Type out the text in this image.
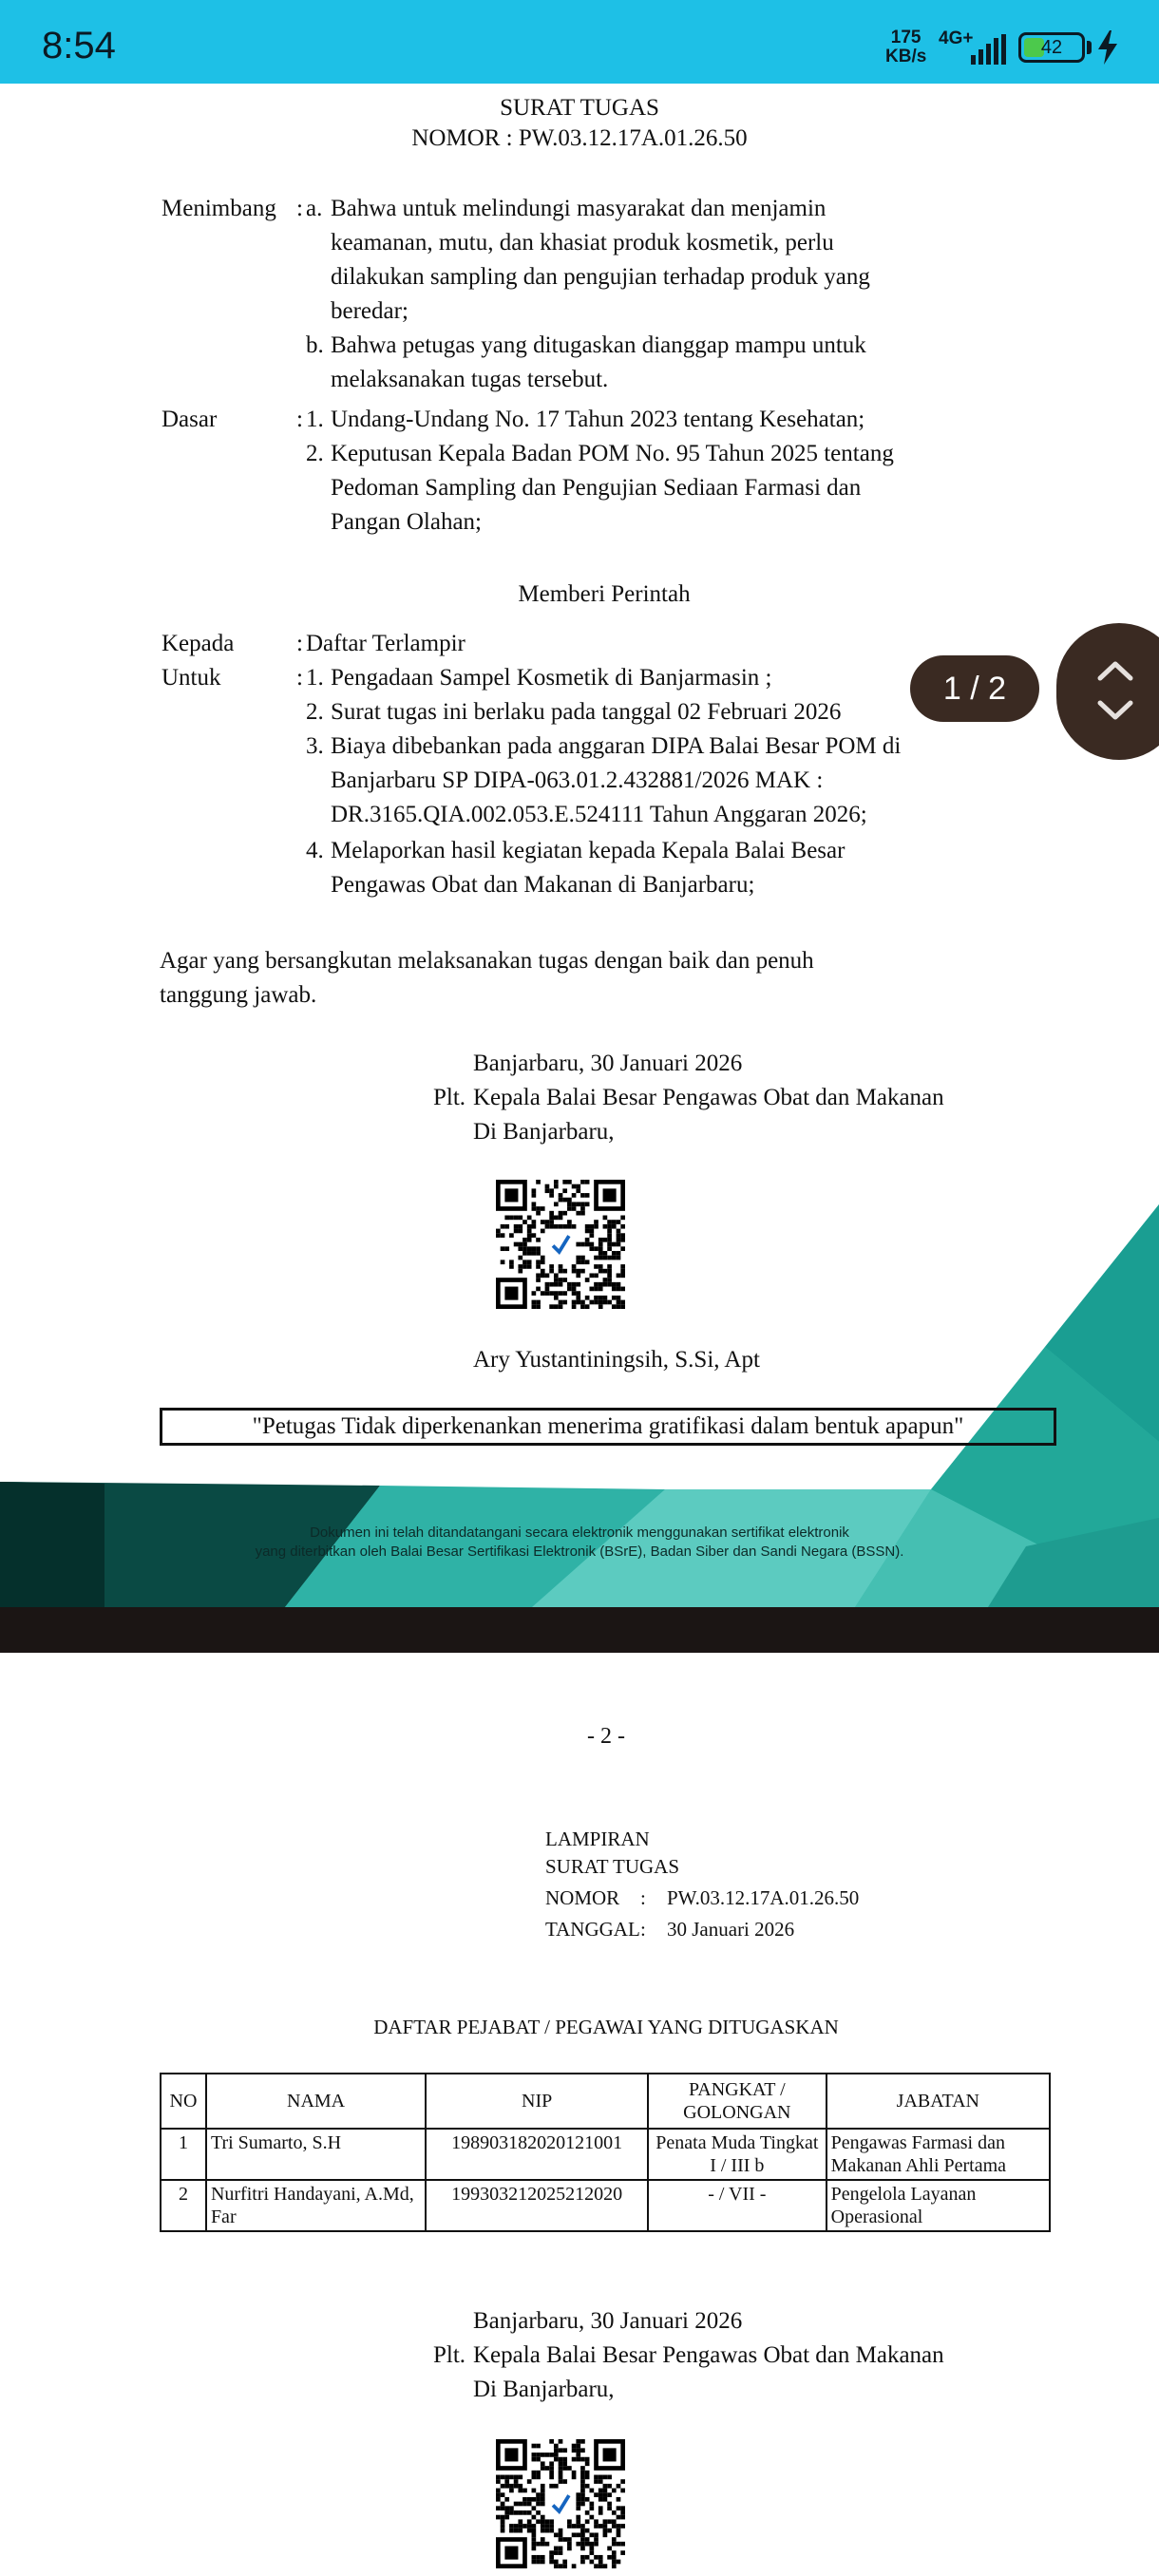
8:54	175
KB/s
4G+	42
SURAT TUGAS
NOMOR : PW.03.12.17A.01.26.50
Menimbang : a. Bahwa untuk melindungi masyarakat dan menjamin
keamanan, mutu, dan khasiat produk kosmetik, perlu
dilakukan sampling dan pengujian terhadap produk yang
beredar;
b. Bahwa petugas yang ditugaskan dianggap mampu untuk
melaksanakan tugas tersebut.
Dasar	: 1. Undang-Undang No. 17 Tahun 2023 tentang Kesehatan;
2. Keputusan Kepala Badan POM No. 95 Tahun 2025 tentang
Pedoman Sampling dan Pengujian Sediaan Farmasi dan
Pangan Olahan;
Memberi Perintah
Kepada	: Daftar Terlampir
Untuk	: 1. Pengadaan Sampel Kosmetik di Banjarmasin ;
2. Surat tugas ini berlaku pada tanggal 02 Februari 2026
3. Biaya dibebankan pada anggaran DIPA Balai Besar POM di
Banjarbaru SP DIPA-063.01.2.432881/2026 MAK :
DR.3165.QIA.002.053.E.524111 Tahun Anggaran 2026;
4. Melaporkan hasil kegiatan kepada Kepala Balai Besar
Pengawas Obat dan Makanan di Banjarbaru;
Agar yang bersangkutan melaksanakan tugas dengan baik dan penuh
tanggung jawab.
Banjarbaru, 30 Januari 2026
Plt. Kepala Balai Besar Pengawas Obat dan Makanan
Di Banjarbaru,
Ary Yustantiningsih, S.Si, Apt
"Petugas Tidak diperkenankan menerima gratifikasi dalam bentuk apapun"
Dokumen ini telah ditandatangani secara elektronik menggunakan sertifikat elektronik
yang diterbitkan oleh Balai Besar Sertifikasi Elektronik (BSrE), Badan Siber dan Sandi Negara (BSSN).
- 2 -
LAMPIRAN
SURAT TUGAS
NOMOR : PW.03.12.17A.01.26.50
TANGGAL : 30 Januari 2026
DAFTAR PEJABAT / PEGAWAI YANG DITUGASKAN
NO	NAMA	NIP	PANGKAT / GOLONGAN	JABATAN
1	Tri Sumarto, S.H	198903182020121001	Penata Muda Tingkat I / III b	Pengawas Farmasi dan Makanan Ahli Pertama
2	Nurfitri Handayani, A.Md, Far	199303212025212020	- / VII -	Pengelola Layanan Operasional
Banjarbaru, 30 Januari 2026
Plt. Kepala Balai Besar Pengawas Obat dan Makanan
Di Banjarbaru,
1 / 2
